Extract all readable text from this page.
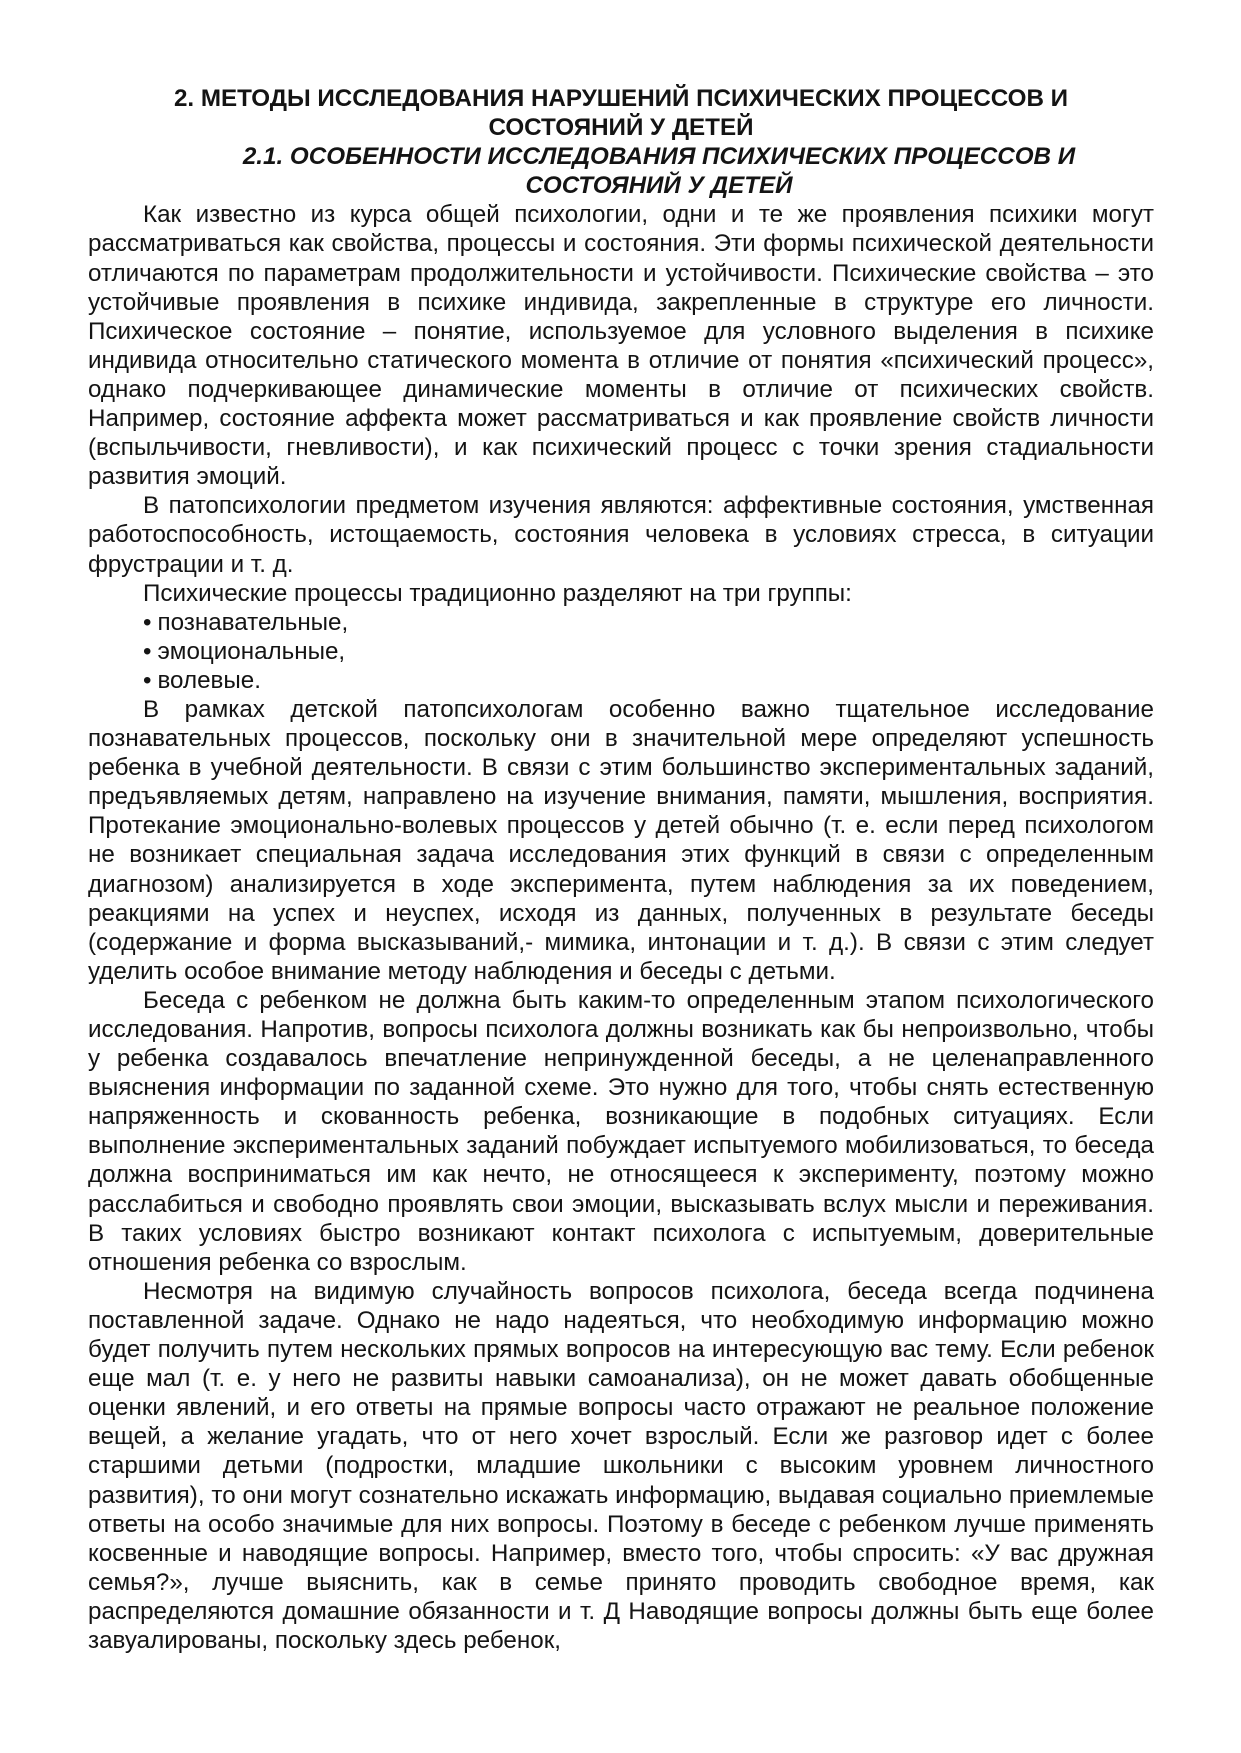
2. МЕТОДЫ ИССЛЕДОВАНИЯ НАРУШЕНИЙ ПСИХИЧЕСКИХ ПРОЦЕССОВ И СОСТОЯНИЙ У ДЕТЕЙ
2.1. ОСОБЕННОСТИ ИССЛЕДОВАНИЯ ПСИХИЧЕСКИХ ПРОЦЕССОВ И СОСТОЯНИЙ У ДЕТЕЙ

Как известно из курса общей психологии, одни и те же проявления психики могут рассматриваться как свойства, процессы и состояния. Эти формы психической деятельности отличаются по параметрам продолжительности и устойчивости. Психические свойства – это устойчивые проявления в психике индивида, закрепленные в структуре его личности. Психическое состояние – понятие, используемое для условного выделения в психике индивида относительно статического момента в отличие от понятия «психический процесс», однако подчеркивающее динамические моменты в отличие от психических свойств. Например, состояние аффекта может рассматриваться и как проявление свойств личности (вспыльчивости, гневливости), и как психический процесс с точки зрения стадиальности развития эмоций.

В патопсихологии предметом изучения являются: аффективные состояния, умственная работоспособность, истощаемость, состояния человека в условиях стресса, в ситуации фрустрации и т. д.

Психические процессы традиционно разделяют на три группы:

• познавательные,
• эмоциональные,
• волевые.

В рамках детской патопсихологам особенно важно тщательное исследование познавательных процессов, поскольку они в значительной мере определяют успешность ребенка в учебной деятельности. В связи с этим большинство экспериментальных заданий, предъявляемых детям, направлено на изучение внимания, памяти, мышления, восприятия. Протекание эмоционально-волевых процессов у детей обычно (т. е. если перед психологом не возникает специальная задача исследования этих функций в связи с определенным диагнозом) анализируется в ходе эксперимента, путем наблюдения за их поведением, реакциями на успех и неуспех, исходя из данных, полученных в результате беседы (содержание и форма высказываний,- мимика, интонации и т. д.). В связи с этим следует уделить особое внимание методу наблюдения и беседы с детьми.

Беседа с ребенком не должна быть каким-то определенным этапом психологического исследования. Напротив, вопросы психолога должны возникать как бы непроизвольно, чтобы у ребенка создавалось впечатление непринужденной беседы, а не целенаправленного выяснения информации по заданной схеме. Это нужно для того, чтобы снять естественную напряженность и скованность ребенка, возникающие в подобных ситуациях. Если выполнение экспериментальных заданий побуждает испытуемого мобилизоваться, то беседа должна восприниматься им как нечто, не относящееся к эксперименту, поэтому можно расслабиться и свободно проявлять свои эмоции, высказывать вслух мысли и переживания. В таких условиях быстро возникают контакт психолога с испытуемым, доверительные отношения ребенка со взрослым.

Несмотря на видимую случайность вопросов психолога, беседа всегда подчинена поставленной задаче. Однако не надо надеяться, что необходимую информацию можно будет получить путем нескольких прямых вопросов на интересующую вас тему. Если ребенок еще мал (т. е. у него не развиты навыки самоанализа), он не может давать обобщенные оценки явлений, и его ответы на прямые вопросы часто отражают не реальное положение вещей, а желание угадать, что от него хочет взрослый. Если же разговор идет с более старшими детьми (подростки, младшие школьники с высоким уровнем личностного развития), то они могут сознательно искажать информацию, выдавая социально приемлемые ответы на особо значимые для них вопросы. Поэтому в беседе с ребенком лучше применять косвенные и наводящие вопросы. Например, вместо того, чтобы спросить: «У вас дружная семья?», лучше выяснить, как в семье принято проводить свободное время, как распределяются домашние обязанности и т. Д Наводящие вопросы должны быть еще более завуалированы, поскольку здесь ребенок,
